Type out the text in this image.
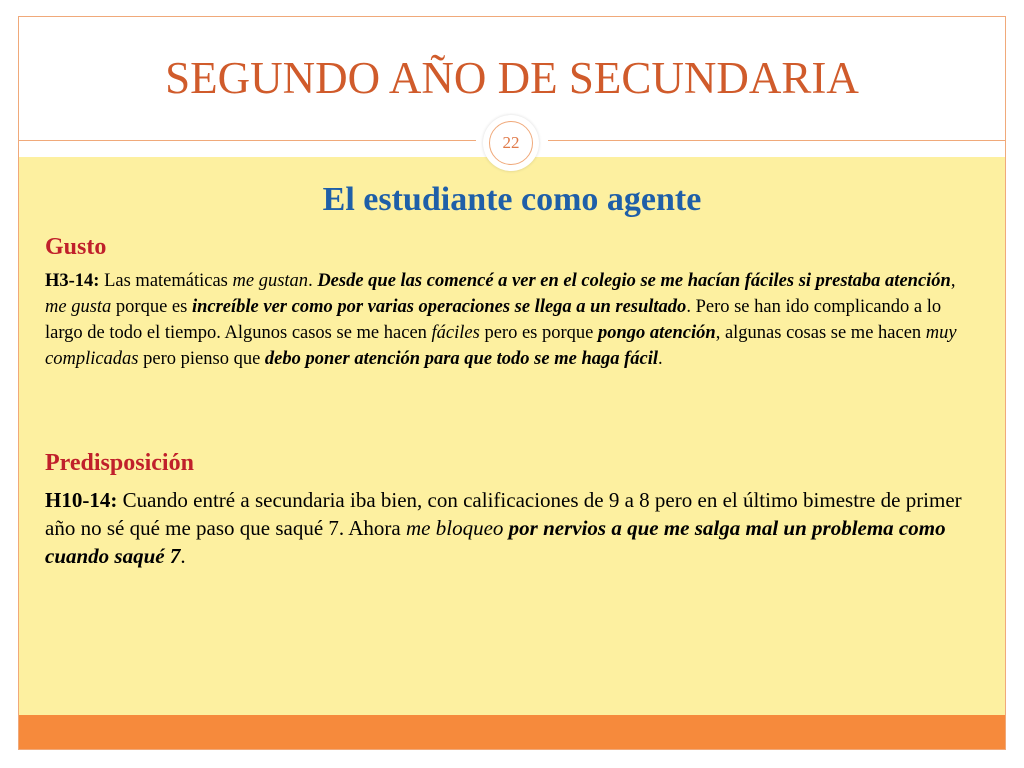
SEGUNDO AÑO DE SECUNDARIA
22
El estudiante como agente
Gusto

H3-14: Las matemáticas me gustan. Desde que las comencé a ver en el colegio se me hacían fáciles si prestaba atención, me gusta porque es increíble ver como por varias operaciones se llega a un resultado. Pero se han ido complicando a lo largo de todo el tiempo. Algunos casos se me hacen fáciles pero es porque pongo atención, algunas cosas se me hacen muy complicadas pero pienso que debo poner atención para que todo se me haga fácil.

Predisposición

H10-14: Cuando entré a secundaria iba bien, con calificaciones de 9 a 8 pero en el último bimestre de primer año no sé qué me paso que saqué 7. Ahora me bloqueo por nervios a que me salga mal un problema como cuando saqué 7.
